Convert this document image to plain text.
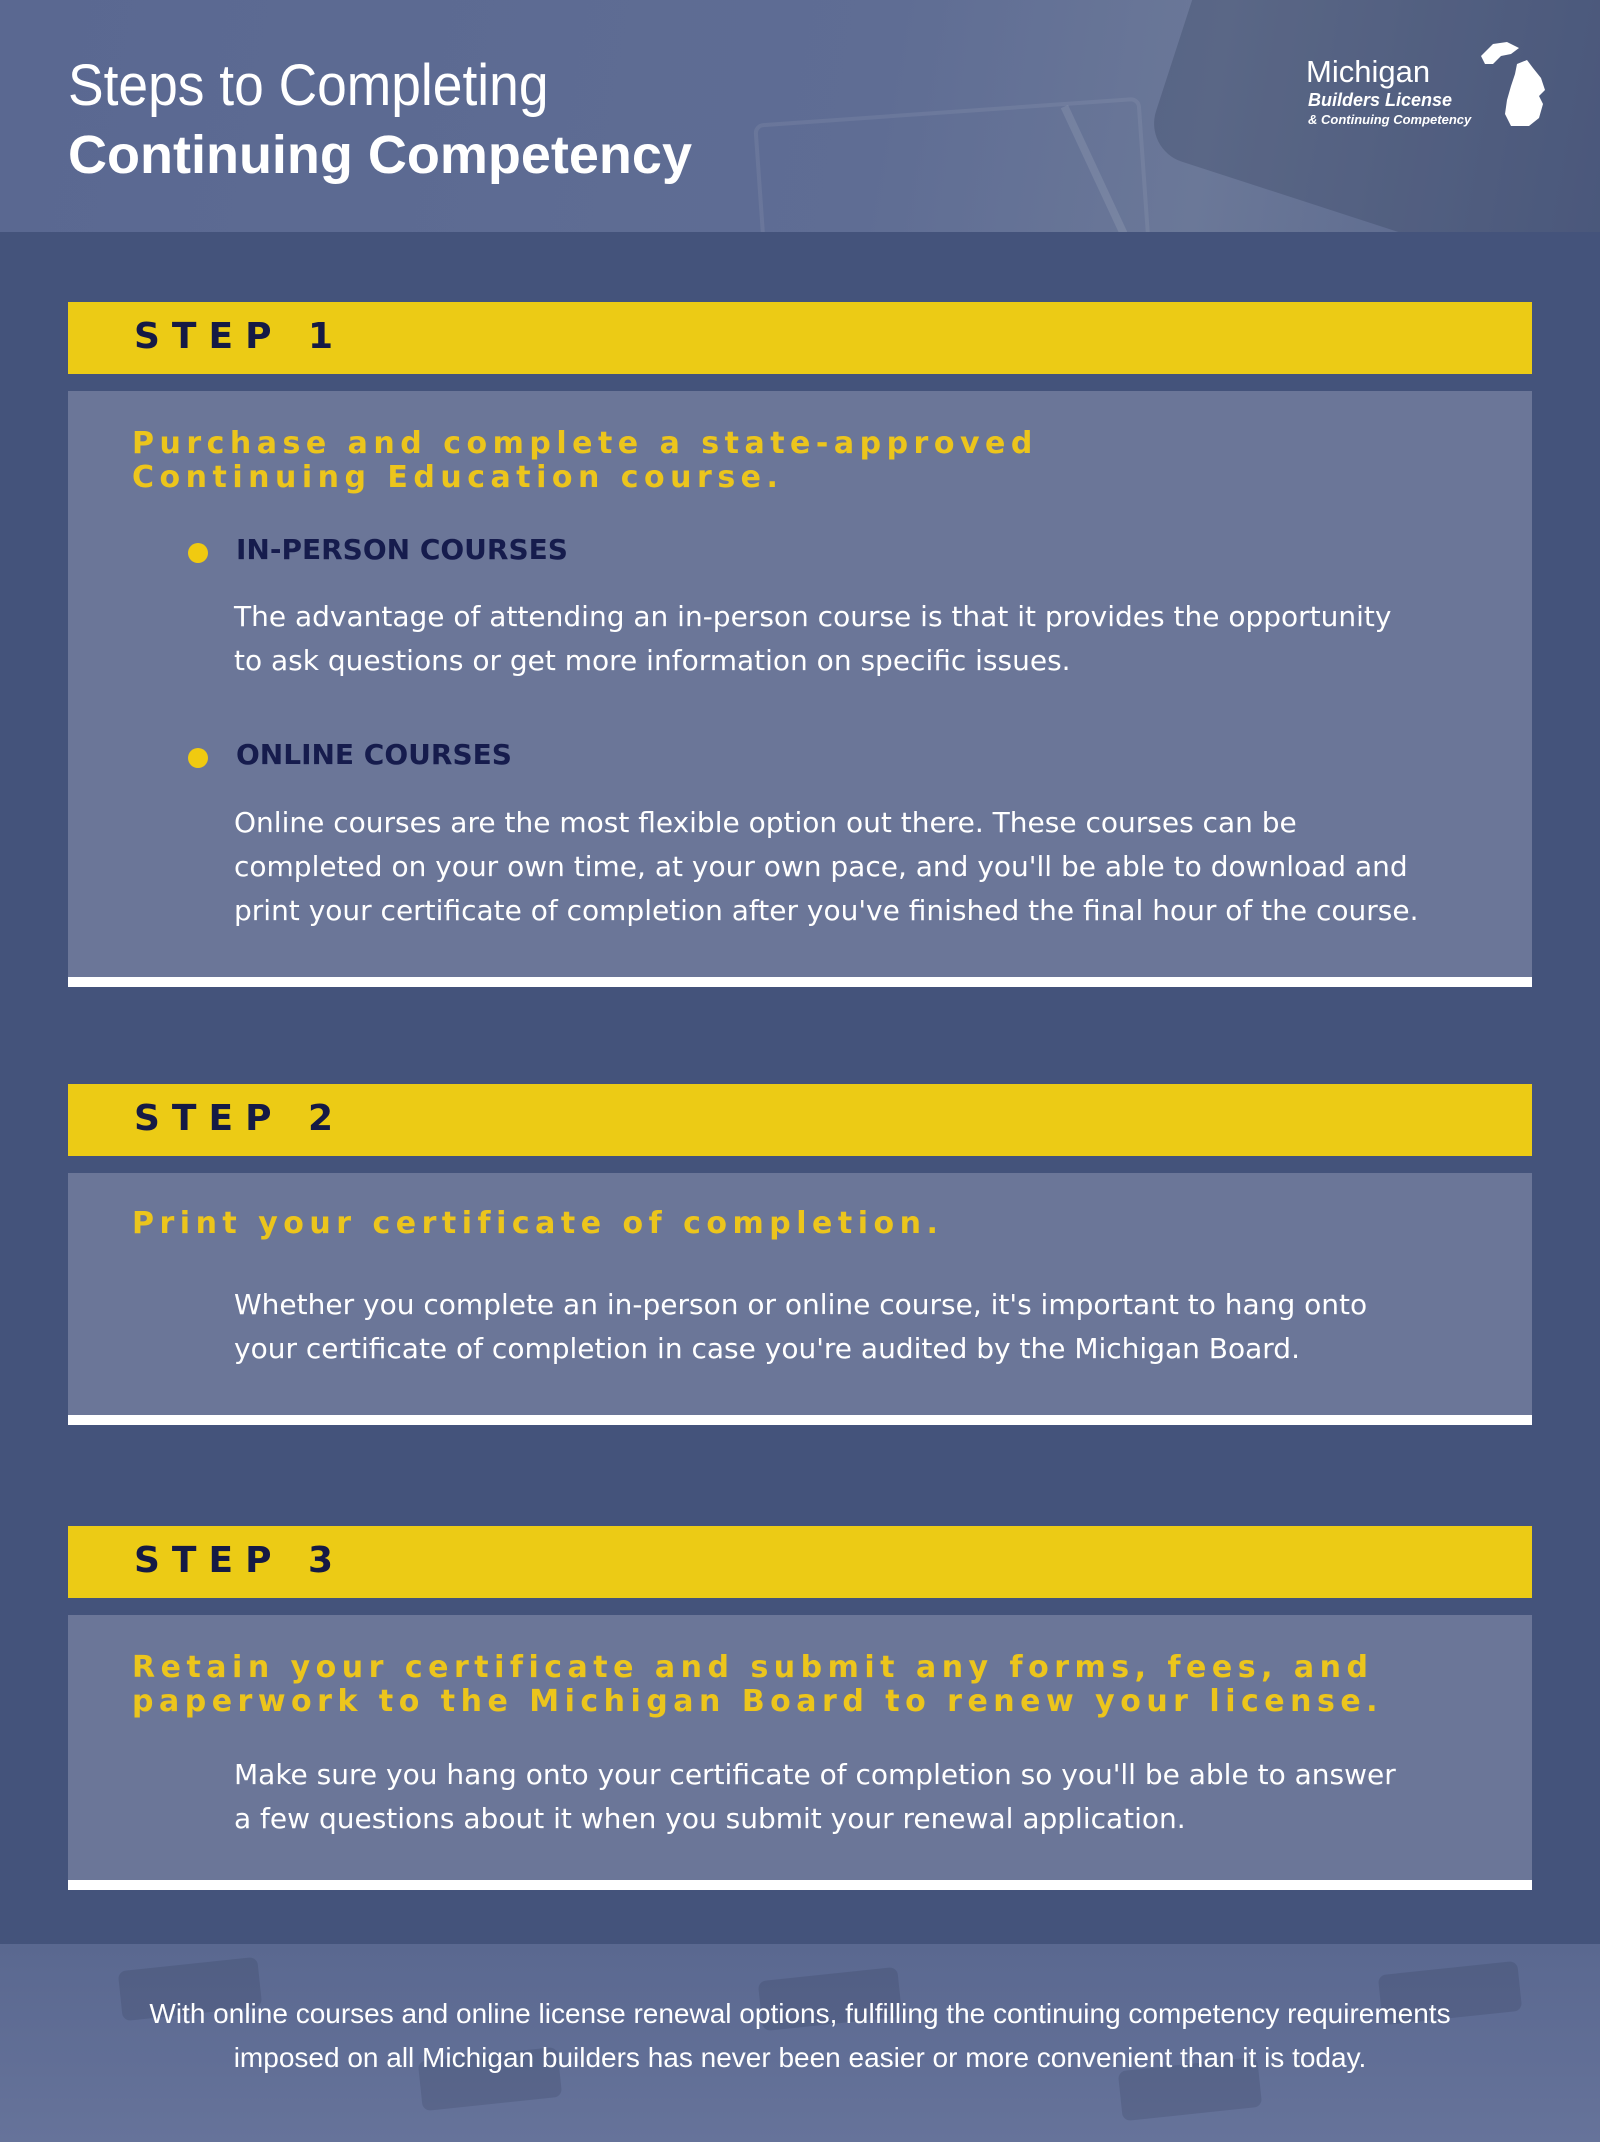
Steps to Completing
Continuing Competency
Michigan
Builders License
& Continuing Competency
STEP 1
Purchase and complete a state-approved
Continuing Education course.
IN-PERSON COURSES
The advantage of attending an in-person course is that it provides the opportunity
to ask questions or get more information on specific issues.
ONLINE COURSES
Online courses are the most flexible option out there. These courses can be
completed on your own time, at your own pace, and you'll be able to download and
print your certificate of completion after you've finished the final hour of the course.
STEP 2
Print your certificate of completion.
Whether you complete an in-person or online course, it's important to hang onto
your certificate of completion in case you're audited by the Michigan Board.
STEP 3
Retain your certificate and submit any forms, fees, and
paperwork to the Michigan Board to renew your license.
Make sure you hang onto your certificate of completion so you'll be able to answer
a few questions about it when you submit your renewal application.
With online courses and online license renewal options, fulfilling the continuing competency requirements
imposed on all Michigan builders has never been easier or more convenient than it is today.
